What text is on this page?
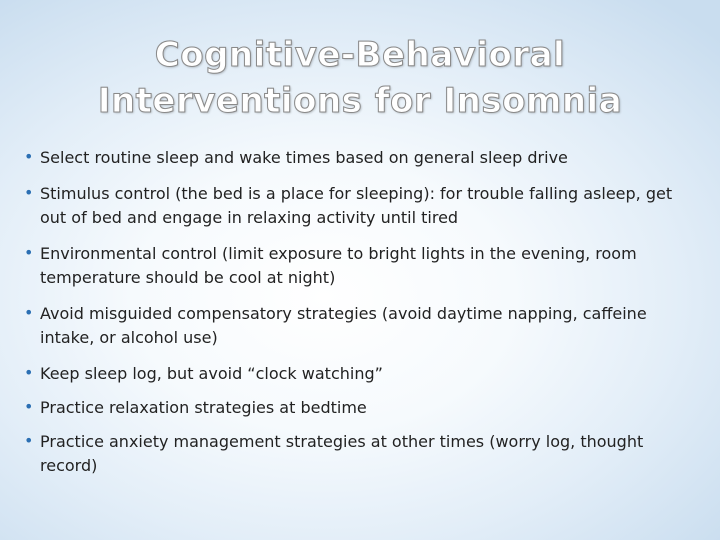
Cognitive-Behavioral
Interventions for Insomnia
• Select routine sleep and wake times based on general sleep drive
• Stimulus control (the bed is a place for sleeping): for trouble falling asleep, get out of bed and engage in relaxing activity until tired
• Environmental control (limit exposure to bright lights in the evening, room temperature should be cool at night)
• Avoid misguided compensatory strategies (avoid daytime napping, caffeine intake, or alcohol use)
• Keep sleep log, but avoid “clock watching”
• Practice relaxation strategies at bedtime
• Practice anxiety management strategies at other times (worry log, thought record)
